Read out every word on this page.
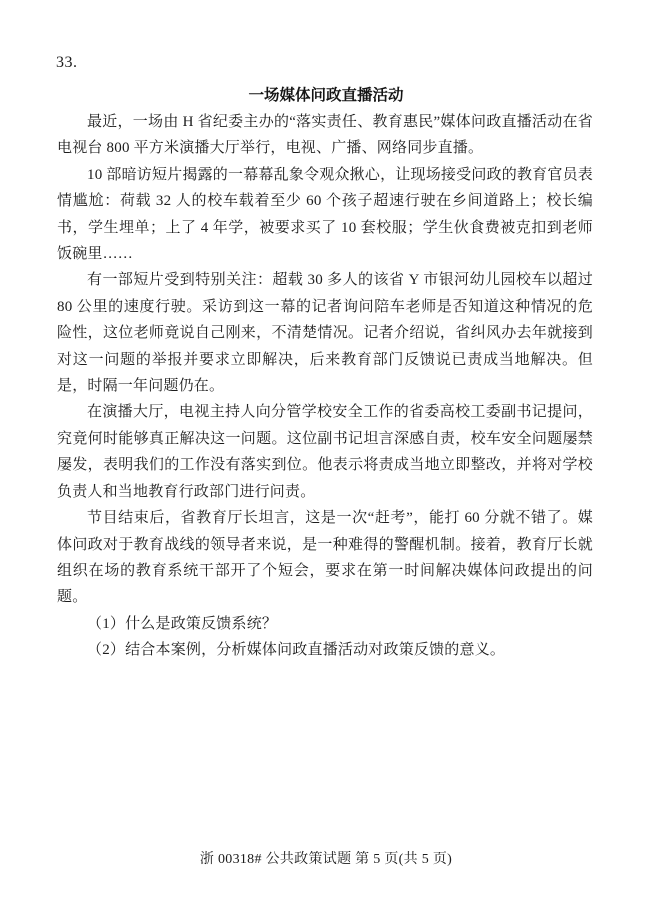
33.
一场媒体问政直播活动

最近，一场由 H 省纪委主办的“落实责任、教育惠民”媒体问政直播活动在省电视台 800 平方米演播大厅举行，电视、广播、网络同步直播。

10 部暗访短片揭露的一幕幕乱象令观众揪心，让现场接受问政的教育官员表情尴尬：荷载 32 人的校车载着至少 60 个孩子超速行驶在乡间道路上；校长编书，学生埋单；上了 4 年学，被要求买了 10 套校服；学生伙食费被克扣到老师饭碗里……

有一部短片受到特别关注：超载 30 多人的该省 Y 市银河幼儿园校车以超过 80 公里的速度行驶。采访到这一幕的记者询问陪车老师是否知道这种情况的危险性，这位老师竟说自己刚来，不清楚情况。记者介绍说，省纠风办去年就接到对这一问题的举报并要求立即解决，后来教育部门反馈说已责成当地解决。但是，时隔一年问题仍在。

在演播大厅，电视主持人向分管学校安全工作的省委高校工委副书记提问，究竟何时能够真正解决这一问题。这位副书记坦言深感自责，校车安全问题屡禁屡发，表明我们的工作没有落实到位。他表示将责成当地立即整改，并将对学校负责人和当地教育行政部门进行问责。

节目结束后，省教育厅长坦言，这是一次“赶考”，能打 60 分就不错了。媒体问政对于教育战线的领导者来说，是一种难得的警醒机制。接着，教育厅长就组织在场的教育系统干部开了个短会，要求在第一时间解决媒体问政提出的问题。

（1）什么是政策反馈系统？

（2）结合本案例，分析媒体问政直播活动对政策反馈的意义。

浙 00318# 公共政策试题 第 5 页(共 5 页)
